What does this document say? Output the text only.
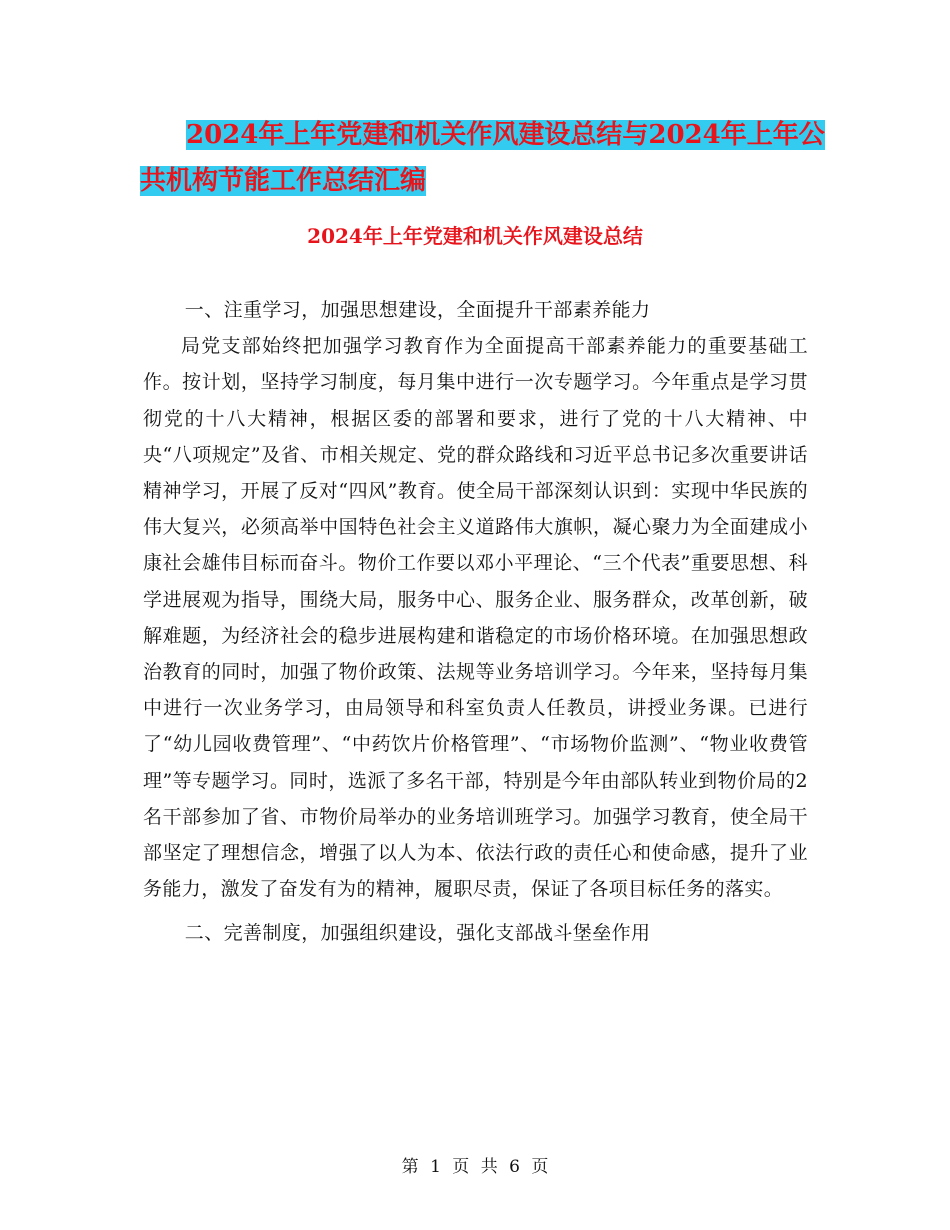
2024年上年党建和机关作风建设总结与2024年上年公
共机构节能工作总结汇编
2024年上年党建和机关作风建设总结

一、注重学习，加强思想建设，全面提升干部素养能力

局党支部始终把加强学习教育作为全面提高干部素养能力的重要基础工作。按计划，坚持学习制度，每月集中进行一次专题学习。今年重点是学习贯彻党的十八大精神，根据区委的部署和要求，进行了党的十八大精神、中央“八项规定”及省、市相关规定、党的群众路线和习近平总书记多次重要讲话精神学习，开展了反对“四风”教育。使全局干部深刻认识到：实现中华民族的伟大复兴，必须高举中国特色社会主义道路伟大旗帜，凝心聚力为全面建成小康社会雄伟目标而奋斗。物价工作要以邓小平理论、“三个代表”重要思想、科学进展观为指导，围绕大局，服务中心、服务企业、服务群众，改革创新，破解难题，为经济社会的稳步进展构建和谐稳定的市场价格环境。在加强思想政治教育的同时，加强了物价政策、法规等业务培训学习。今年来，坚持每月集中进行一次业务学习，由局领导和科室负责人任教员，讲授业务课。已进行了“幼儿园收费管理”、“中药饮片价格管理”、“市场物价监测”、“物业收费管理”等专题学习。同时，选派了多名干部，特别是今年由部队转业到物价局的2名干部参加了省、市物价局举办的业务培训班学习。加强学习教育，使全局干部坚定了理想信念，增强了以人为本、依法行政的责任心和使命感，提升了业务能力，激发了奋发有为的精神，履职尽责，保证了各项目标任务的落实。

二、完善制度，加强组织建设，强化支部战斗堡垒作用

第 1 页 共 6 页
